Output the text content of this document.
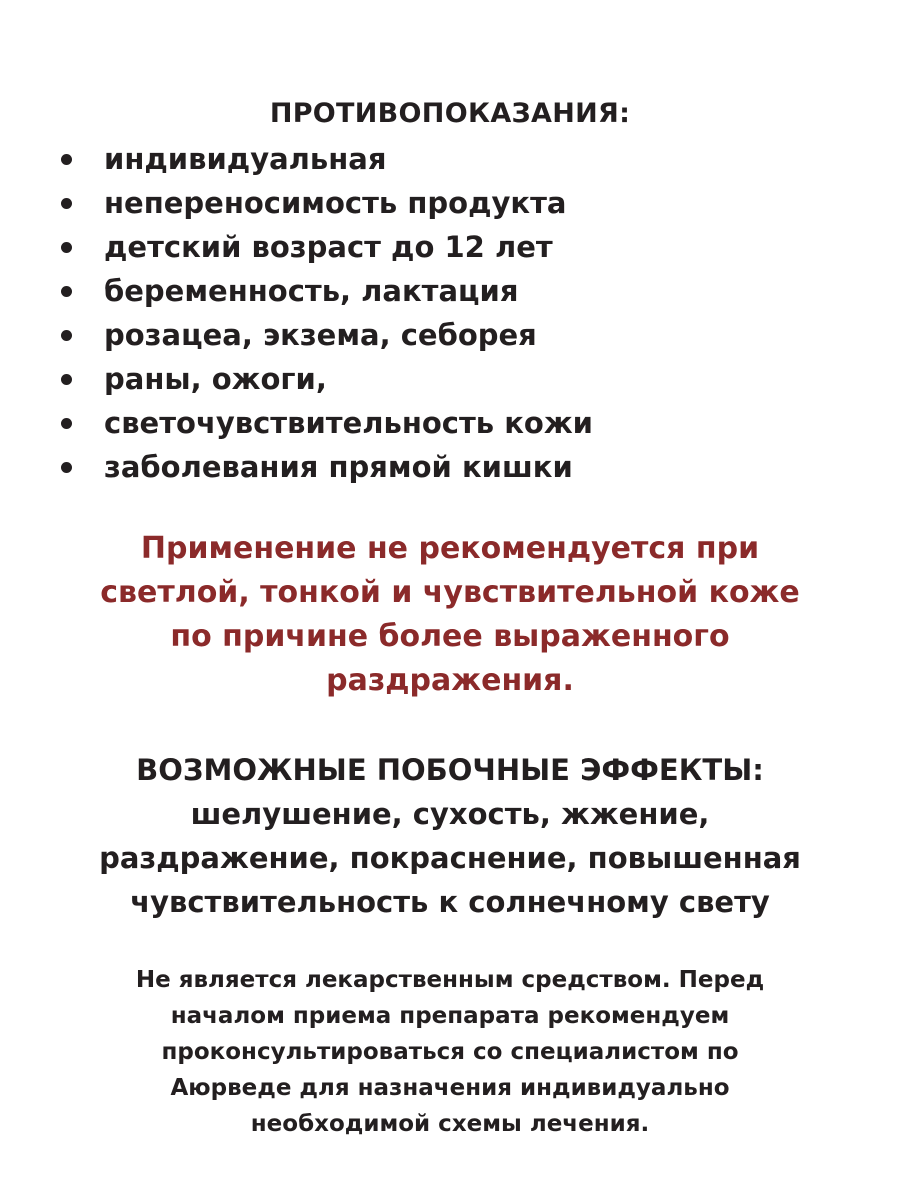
ПРОТИВОПОКАЗАНИЯ:
индивидуальная
непереносимость продукта
детский возраст до 12 лет
беременность, лактация
розацеа, экзема, себорея
раны, ожоги,
светочувствительность кожи
заболевания прямой кишки
Применение не рекомендуется при
светлой, тонкой и чувствительной коже
по причине более выраженного
раздражения.
ВОЗМОЖНЫЕ ПОБОЧНЫЕ ЭФФЕКТЫ:
шелушение, сухость, жжение,
раздражение, покраснение, повышенная
чувствительность к солнечному свету
Не является лекарственным средством. Перед
началом приема препарата рекомендуем
проконсультироваться со специалистом по
Аюрведе для назначения индивидуально
необходимой схемы лечения.
